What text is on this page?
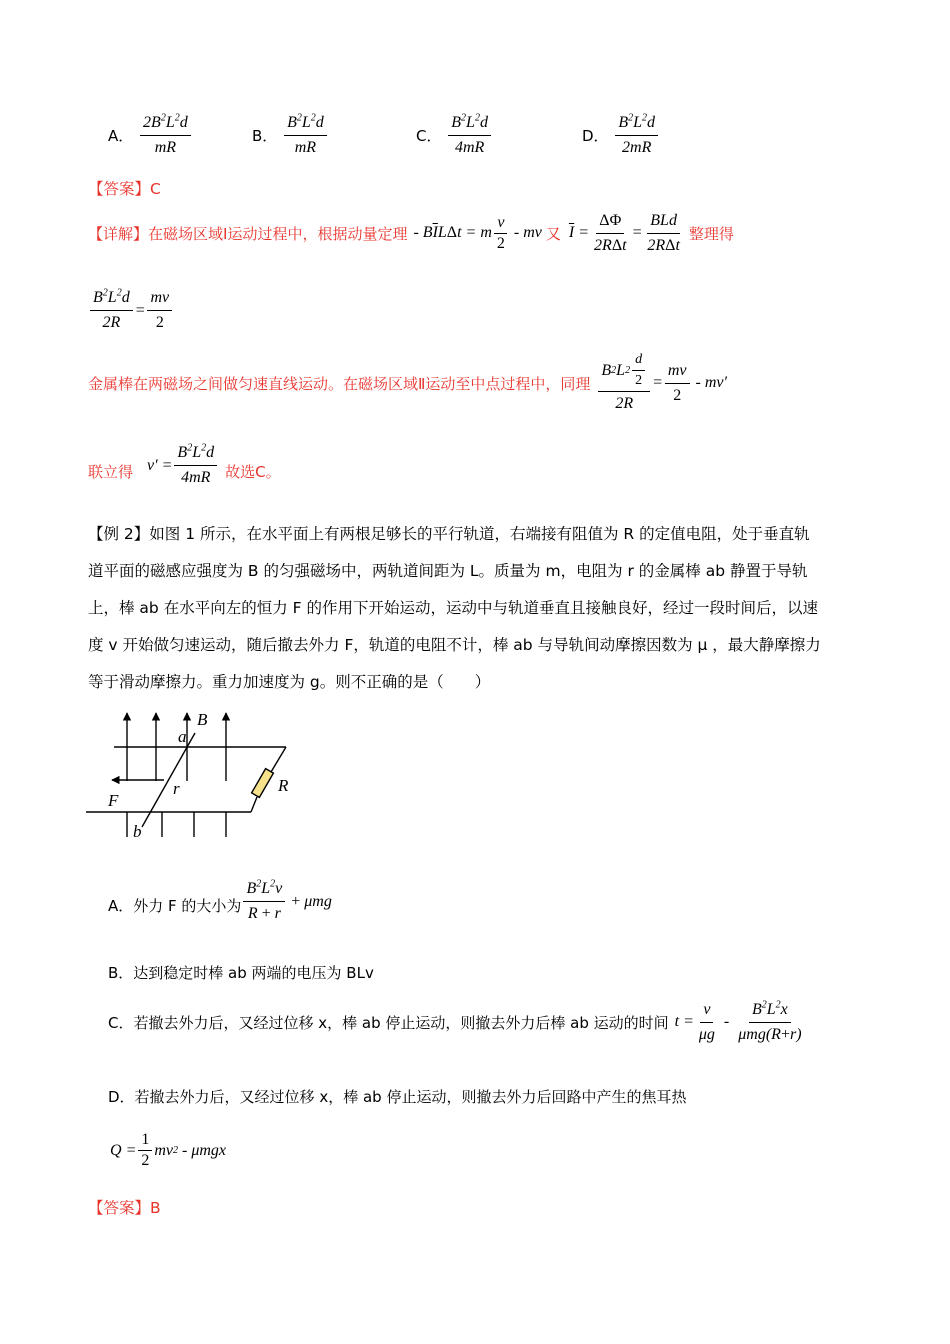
A． $\frac{2B^2L^2d}{mR}$	B． $\frac{B^2L^2d}{mR}$	C． $\frac{B^2L^2d}{4mR}$	D． $\frac{B^2L^2d}{2mR}$
【答案】C
【详解】 在磁场区域Ⅰ运动过程中，根据动量定理 - $B\overline{I}L$ Δ t = m $\frac{v}{2}$ - mv 又 $\overline{I} = \frac{\Delta\Phi}{\text{2RΔt}} = \frac{\text{BLd}}{\text{2RΔt}}$ 整理得
$\frac{B^2L^2d}{2R} = \frac{mv}{2}$
金属棒在两磁场之间做匀速直线运动。在磁场区域Ⅱ运动至中点过程中，同理 $\frac{B 2 L 2 \frac{d}{2}}{2R} = \frac{mv}{2} - mv'$
联立得 $v' = \frac{B^2L^2d}{4mR}$ 故选C。
【例 2】如图 1 所示，在水平面上有两根足够长的平行轨道，右端接有阻值为 R 的定值电阻，处于垂直轨
道平面的磁感应强度为 B 的匀强磁场中，两轨道间距为 L。质量为 m，电阻为 r 的金属棒 ab 静置于导轨
上，棒 ab 在水平向左的恒力 F 的作用下开始运动，运动中与轨道垂直且接触良好，经过一段时间后，以速
度 v 开始做匀速运动，随后撤去外力 F，轨道的电阻不计，棒 ab 与导轨间动摩擦因数为 μ ，最大静摩擦力
等于滑动摩擦力。重力加速度为 g。则不正确的是（　　）
B
a
R
r
F
b
A．外力 F 的大小为 $\frac{B^2L^2v}{R + r}$
+
μmg
B．达到稳定时棒 ab 两端的电压为 BLv
C．若撤去外力后，又经过位移 x，棒 ab 停止运动，则撤去外力后棒 ab 运动的时间 $t = \frac{v}{\mu g} - \frac{B^2L^2x}{\text{μmg(R+r)}}$
D．若撤去外力后，又经过位移 x，棒 ab 停止运动，则撤去外力后回路中产生的焦耳热
$Q = \frac{1}{2}$ mv 2 - μmgx
【答案】B
